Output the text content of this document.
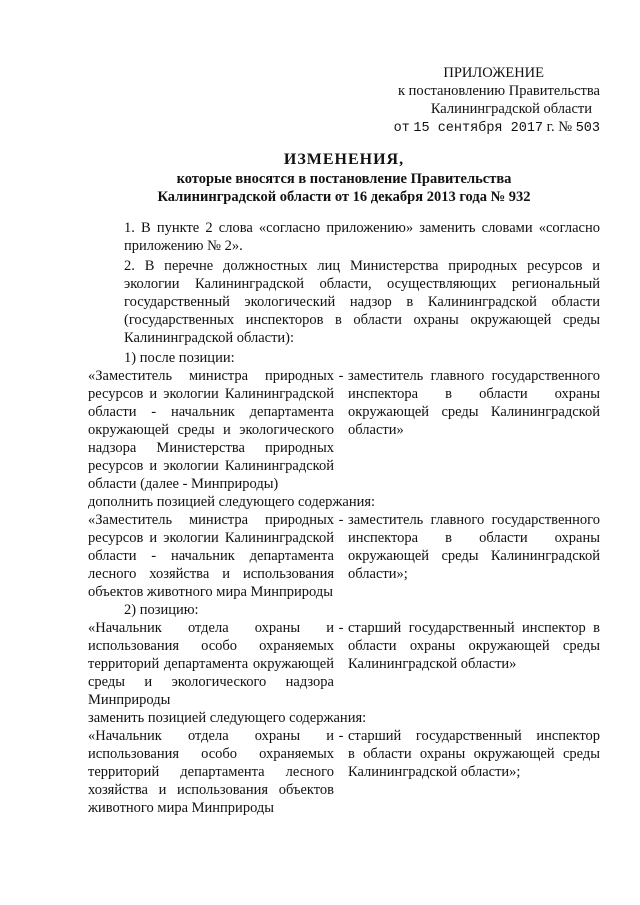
ПРИЛОЖЕНИЕ
к постановлению Правительства
Калининградской области
от 15 сентября 2017 г. № 503
ИЗМЕНЕНИЯ,
которые вносятся в постановление Правительства
Калининградской области от 16 декабря 2013 года № 932
1. В пункте 2 слова «согласно приложению» заменить словами «согласно
приложению № 2».
2. В перечне должностных лиц Министерства природных ресурсов и
экологии Калининградской области, осуществляющих региональный
государственный экологический надзор в Калининградской области
(государственных инспекторов в области охраны окружающей среды
Калининградской области):
1) после позиции:
«Заместитель министра природных
ресурсов и экологии Калининградской
области - начальник департамента
окружающей среды и экологического
надзора Министерства природных
ресурсов и экологии Калининградской
области (далее - Минприроды)
- заместитель главного государственного
инспектора в области охраны
окружающей среды Калининградской
области»
дополнить позицией следующего содержания:
«Заместитель министра природных
ресурсов и экологии Калининградской
области - начальник департамента
лесного хозяйства и использования
объектов животного мира Минприроды
- заместитель главного государственного
инспектора в области охраны
окружающей среды Калининградской
области»;
2) позицию:
«Начальник отдела охраны и
использования особо охраняемых
территорий департамента окружающей
среды и экологического надзора
Минприроды
- старший государственный инспектор в
области охраны окружающей среды
Калининградской области»
заменить позицией следующего содержания:
«Начальник отдела охраны и
использования особо охраняемых
территорий департамента лесного
хозяйства и использования объектов
животного мира Минприроды
- старший государственный инспектор
в области охраны окружающей среды
Калининградской области»;
